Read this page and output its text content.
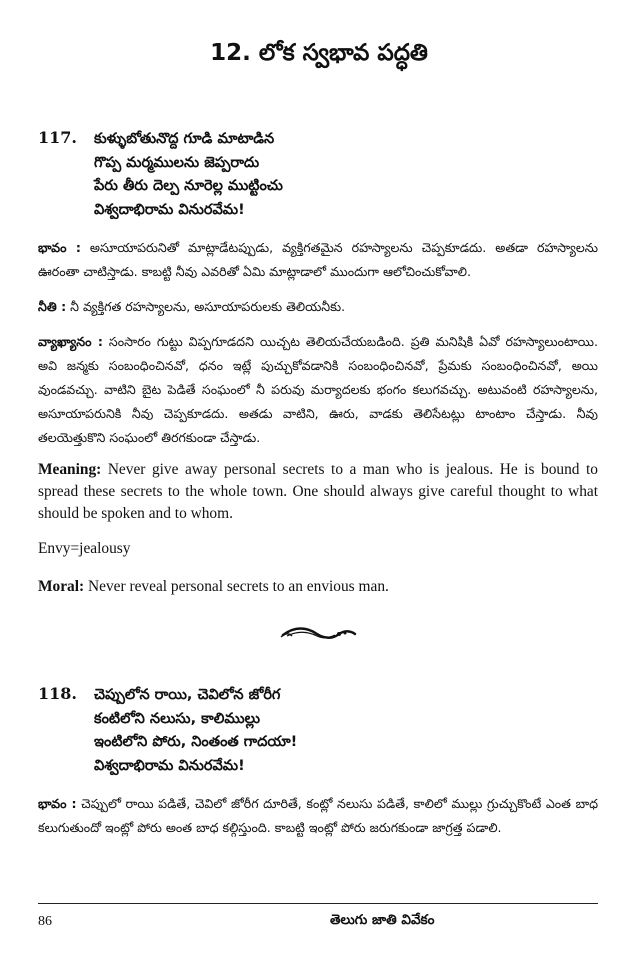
12. లోక స్వభావ పద్ధతి
117. కుళ్ళుబోతునొద్ద గూడి మాటాడిన
గొప్ప మర్మములను జెప్పరాదు
పేరు తీరు దెల్ప నూరెల్ల ముట్టించు
విశ్వదాభిరామ వినురవేమ!
భావం : అసూయాపరునితో మాట్లాడేటప్పుడు, వ్యక్తిగతమైన రహస్యాలను చెప్పకూడదు. అతడా రహస్యాలను ఊరంతా చాటిస్తాడు. కాబట్టి నీవు ఎవరితో ఏమి మాట్లాడాలో ముందుగా ఆలోచించుకోవాలి.
నీతి : నీ వ్యక్తిగత రహస్యాలను, అసూయాపరులకు తెలియనీకు.
వ్యాఖ్యానం : సంసారం గుట్టు విప్పగూడదని యిచ్చట తెలియచేయబడింది. ప్రతి మనిషికి ఏవో రహస్యాలుంటాయి. అవి జన్మకు సంబంధించినవో, ధనం ఇట్లే పుచ్చుకోవడానికి సంబంధించినవో, ప్రేమకు సంబంధించినవో, అయి వుండవచ్చు. వాటిని బైట పెడితే సంఘంలో నీ పరువు మర్యాదలకు భంగం కలుగవచ్చు. అటువంటి రహస్యాలను, అసూయాపరునికి నీవు చెప్పకూడదు. అతడు వాటిని, ఊరు, వాడకు తెలిసేటట్లు టాంటాం చేస్తాడు. నీవు తలయెత్తుకొని సంఘంలో తిరగకుండా చేస్తాడు.
Meaning: Never give away personal secrets to a man who is jealous. He is bound to spread these secrets to the whole town. One should always give careful thought to what should be spoken and to whom.
Envy=jealousy
Moral: Never reveal personal secrets to an envious man.
118. చెప్పులోన రాయి, చెవిలోన జోరీగ
కంటిలోని నలుసు, కాలిముల్లు
ఇంటిలోని పోరు, నింతంత గాదయా!
విశ్వదాభిరామ వినురవేమ!
భావం : చెప్పులో రాయి పడితే, చెవిలో జోరీగ దూరితే, కంట్లో నలుసు పడితే, కాలిలో ముల్లు గ్రుచ్చుకొంటే ఎంత బాధ కలుగుతుందో ఇంట్లో పోరు అంత బాధ కల్గిస్తుంది. కాబట్టి ఇంట్లో పోరు జరుగకుండా జాగ్రత్త పడాలి.
86	తెలుగు జాతి వివేకం
